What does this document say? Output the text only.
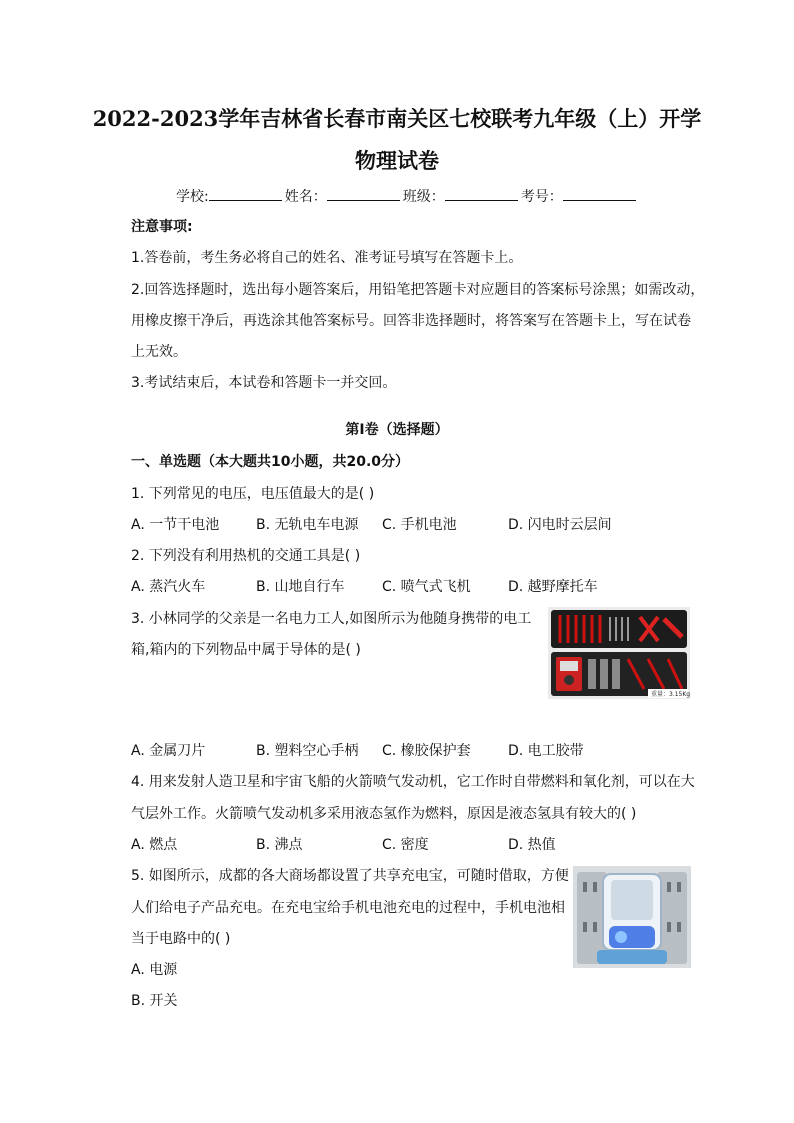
2022-2023学年吉林省长春市南关区七校联考九年级（上）开学
物理试卷
学校:	姓名：	班级：	考号：
注意事项:
1.答卷前，考生务必将自己的姓名、准考证号填写在答题卡上。
2.回答选择题时，选出每小题答案后，用铅笔把答题卡对应题目的答案标号涂黑；如需改动，
用橡皮擦干净后，再选涂其他答案标号。回答非选择题时，将答案写在答题卡上，写在试卷
上无效。
3.考试结束后，本试卷和答题卡一并交回。
第I卷（选择题）
一、单选题（本大题共10小题，共20.0分）
1. 下列常见的电压，电压值最大的是( )
A. 一节干电池	B. 无轨电车电源 C. 手机电池	D. 闪电时云层间
2. 下列没有利用热机的交通工具是( )
A. 蒸汽火车	B. 山地自行车	C. 喷气式飞机	D. 越野摩托车
3. 小林同学的父亲是一名电力工人,如图所示为他随身携带的电工
箱,箱内的下列物品中属于导体的是( )
重量：3.15Kg
A. 金属刀片	B. 塑料空心手柄 C. 橡胶保护套	D. 电工胶带
4. 用来发射人造卫星和宇宙飞船的火箭喷气发动机，它工作时自带燃料和氧化剂，可以在大
气层外工作。火箭喷气发动机多采用液态氢作为燃料，原因是液态氢具有较大的( )
A. 燃点	B. 沸点	C. 密度	D. 热值
5. 如图所示，成都的各大商场都设置了共享充电宝，可随时借取，方便
人们给电子产品充电。在充电宝给手机电池充电的过程中，手机电池相
当于电路中的( )
A. 电源
B. 开关
